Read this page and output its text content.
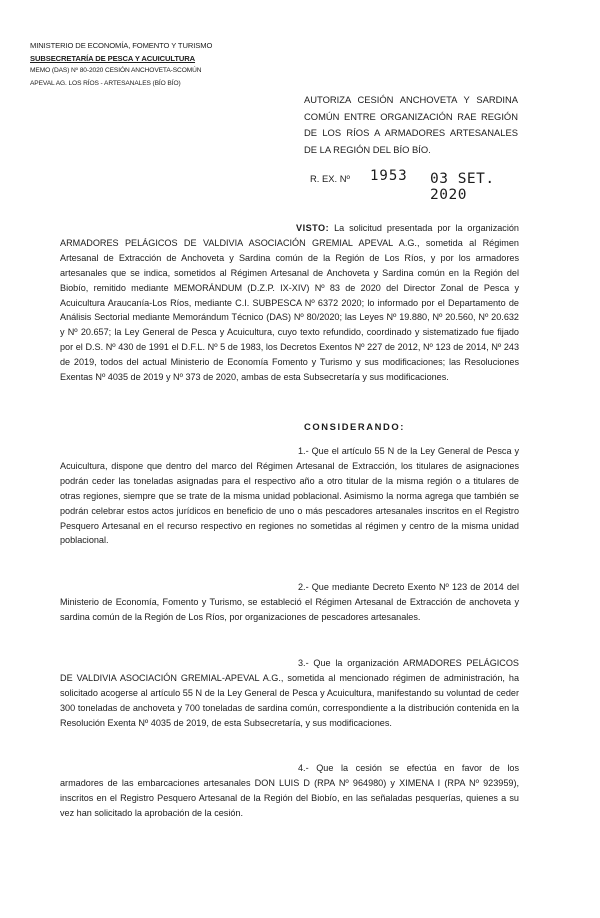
MINISTERIO DE ECONOMÍA, FOMENTO Y TURISMO
SUBSECRETARÍA DE PESCA Y ACUICULTURA
MEMO (DAS) Nº 80-2020 CESIÓN ANCHOVETA-SCOMÚN
APEVAL AG. LOS RÍOS - ARTESANALES (BÍO BÍO)
AUTORIZA CESIÓN ANCHOVETA Y SARDINA COMÚN ENTRE ORGANIZACIÓN RAE REGIÓN DE LOS RÍOS A ARMADORES ARTESANALES DE LA REGIÓN DEL BÍO BÍO.
R. EX. Nº 1953 03 SET. 2020

VISTO: La solicitud presentada por la organización ARMADORES PELÁGICOS DE VALDIVIA ASOCIACIÓN GREMIAL APEVAL A.G., sometida al Régimen Artesanal de Extracción de Anchoveta y Sardina común de la Región de Los Ríos, y por los armadores artesanales que se indica, sometidos al Régimen Artesanal de Anchoveta y Sardina común en la Región del Biobío, remitido mediante MEMORÁNDUM (D.Z.P. IX-XIV) Nº 83 de 2020 del Director Zonal de Pesca y Acuicultura Araucanía-Los Ríos, mediante C.I. SUBPESCA Nº 6372 2020; lo informado por el Departamento de Análisis Sectorial mediante Memorándum Técnico (DAS) Nº 80/2020; las Leyes Nº 19.880, Nº 20.560, Nº 20.632 y Nº 20.657; la Ley General de Pesca y Acuicultura, cuyo texto refundido, coordinado y sistematizado fue fijado por el D.S. Nº 430 de 1991 el D.F.L. Nº 5 de 1983, los Decretos Exentos Nº 227 de 2012, Nº 123 de 2014, Nº 243 de 2019, todos del actual Ministerio de Economía Fomento y Turismo y sus modificaciones; las Resoluciones Exentas Nº 4035 de 2019 y Nº 373 de 2020, ambas de esta Subsecretaría y sus modificaciones.

CONSIDERANDO:

1.- Que el artículo 55 N de la Ley General de Pesca y Acuicultura, dispone que dentro del marco del Régimen Artesanal de Extracción, los titulares de asignaciones podrán ceder las toneladas asignadas para el respectivo año a otro titular de la misma región o a titulares de otras regiones, siempre que se trate de la misma unidad poblacional. Asimismo la norma agrega que también se podrán celebrar estos actos jurídicos en beneficio de uno o más pescadores artesanales inscritos en el Registro Pesquero Artesanal en el recurso respectivo en regiones no sometidas al régimen y centro de la misma unidad poblacional.

2.- Que mediante Decreto Exento Nº 123 de 2014 del Ministerio de Economía, Fomento y Turismo, se estableció el Régimen Artesanal de Extracción de anchoveta y sardina común de la Región de Los Ríos, por organizaciones de pescadores artesanales.

3.- Que la organización ARMADORES PELÁGICOS DE VALDIVIA ASOCIACIÓN GREMIAL-APEVAL A.G., sometida al mencionado régimen de administración, ha solicitado acogerse al artículo 55 N de la Ley General de Pesca y Acuicultura, manifestando su voluntad de ceder 300 toneladas de anchoveta y 700 toneladas de sardina común, correspondiente a la distribución contenida en la Resolución Exenta Nº 4035 de 2019, de esta Subsecretaría, y sus modificaciones.

4.- Que la cesión se efectúa en favor de los armadores de las embarcaciones artesanales DON LUIS D (RPA Nº 964980) y XIMENA I (RPA Nº 923959), inscritos en el Registro Pesquero Artesanal de la Región del Biobío, en las señaladas pesquerías, quienes a su vez han solicitado la aprobación de la cesión.
